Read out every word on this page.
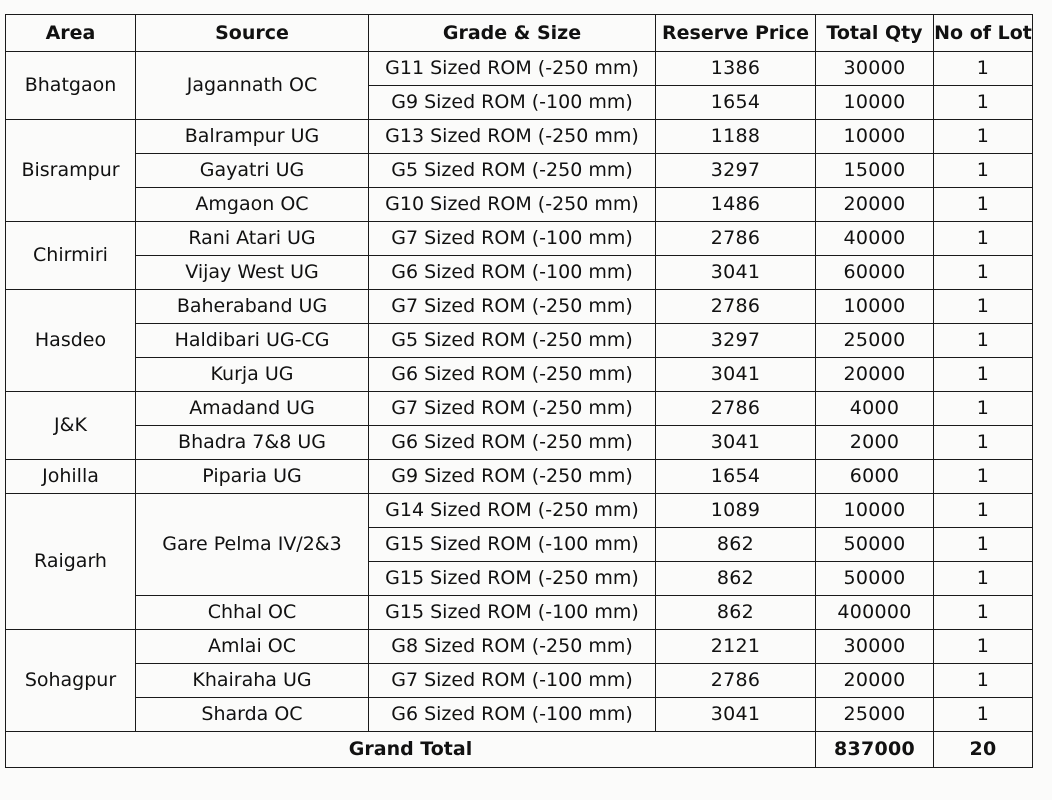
Area	Source	Grade & Size	Reserve Price	Total Qty	No of Lot
Bhatgaon	Jagannath OC	G11 Sized ROM (-250 mm)	1386	30000	1
		G9 Sized ROM (-100 mm)	1654	10000	1
Bisrampur	Balrampur UG	G13 Sized ROM (-250 mm)	1188	10000	1
	Gayatri UG	G5 Sized ROM (-250 mm)	3297	15000	1
	Amgaon OC	G10 Sized ROM (-250 mm)	1486	20000	1
Chirmiri	Rani Atari UG	G7 Sized ROM (-100 mm)	2786	40000	1
	Vijay West UG	G6 Sized ROM (-100 mm)	3041	60000	1
Hasdeo	Baheraband UG	G7 Sized ROM (-250 mm)	2786	10000	1
	Haldibari UG-CG	G5 Sized ROM (-250 mm)	3297	25000	1
	Kurja UG	G6 Sized ROM (-250 mm)	3041	20000	1
J&K	Amadand UG	G7 Sized ROM (-250 mm)	2786	4000	1
	Bhadra 7&8 UG	G6 Sized ROM (-250 mm)	3041	2000	1
Johilla	Piparia UG	G9 Sized ROM (-250 mm)	1654	6000	1
Raigarh	Gare Pelma IV/2&3	G14 Sized ROM (-250 mm)	1089	10000	1
		G15 Sized ROM (-100 mm)	862	50000	1
		G15 Sized ROM (-250 mm)	862	50000	1
	Chhal OC	G15 Sized ROM (-100 mm)	862	400000	1
Sohagpur	Amlai OC	G8 Sized ROM (-250 mm)	2121	30000	1
	Khairaha UG	G7 Sized ROM (-100 mm)	2786	20000	1
	Sharda OC	G6 Sized ROM (-100 mm)	3041	25000	1
Grand Total				837000	20
